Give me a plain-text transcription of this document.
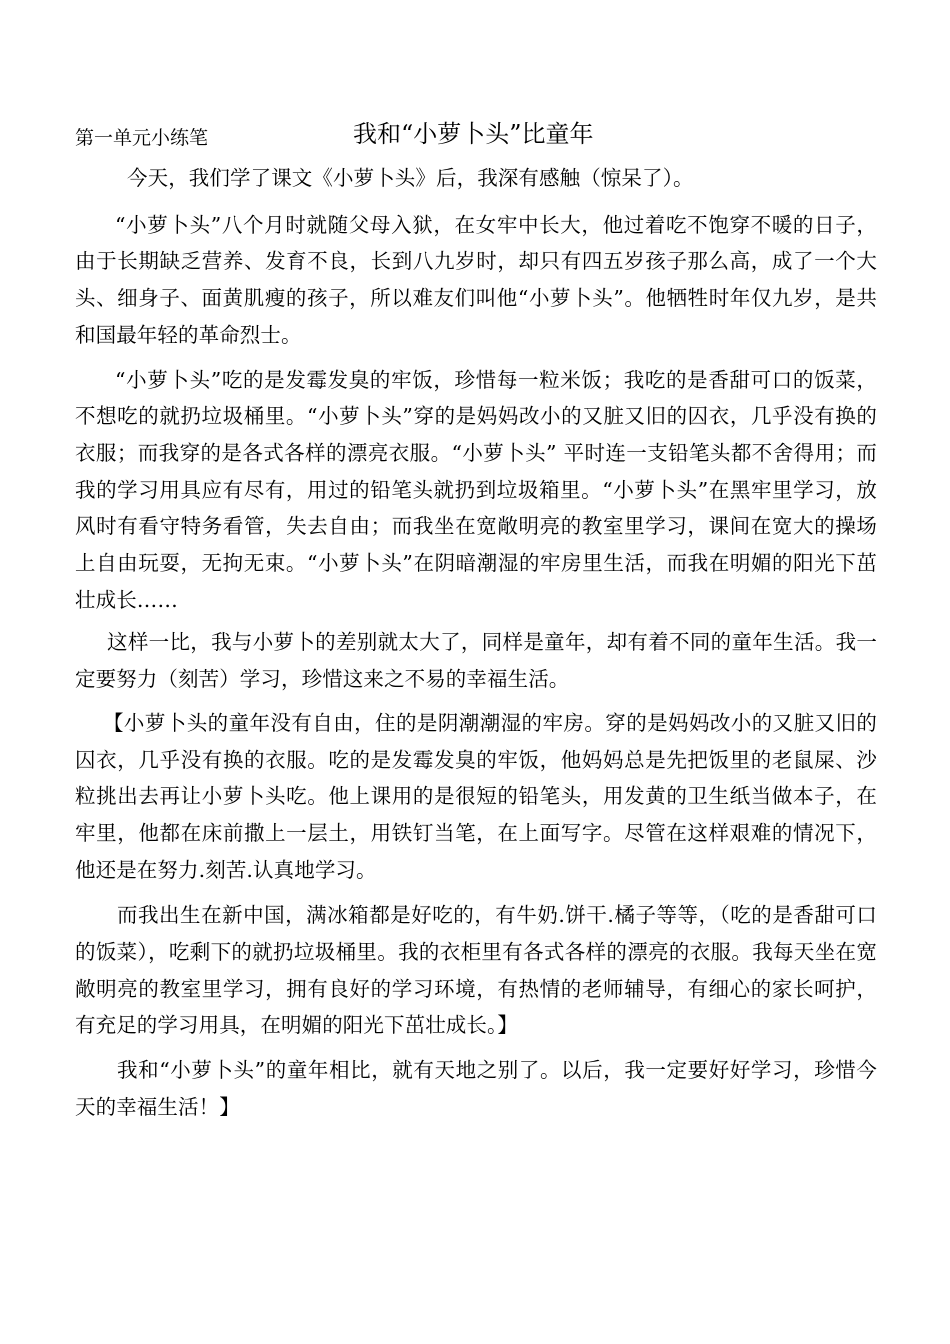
第一单元小练笔	我和“小萝卜头”比童年

今天，我们学了课文《小萝卜头》后，我深有感触（惊呆了）。

“小萝卜头”八个月时就随父母入狱，在女牢中长大，他过着吃不饱穿不暖的日子，由于长期缺乏营养、发育不良，长到八九岁时，却只有四五岁孩子那么高，成了一个大头、细身子、面黄肌瘦的孩子，所以难友们叫他“小萝卜头”。他牺牲时年仅九岁，是共和国最年轻的革命烈士。

“小萝卜头”吃的是发霉发臭的牢饭，珍惜每一粒米饭；我吃的是香甜可口的饭菜，不想吃的就扔垃圾桶里。“小萝卜头”穿的是妈妈改小的又脏又旧的囚衣，几乎没有换的衣服；而我穿的是各式各样的漂亮衣服。“小萝卜头” 平时连一支铅笔头都不舍得用；而我的学习用具应有尽有，用过的铅笔头就扔到垃圾箱里。“小萝卜头”在黑牢里学习，放风时有看守特务看管，失去自由；而我坐在宽敞明亮的教室里学习，课间在宽大的操场上自由玩耍，无拘无束。“小萝卜头”在阴暗潮湿的牢房里生活，而我在明媚的阳光下茁壮成长……

这样一比，我与小萝卜的差别就太大了，同样是童年，却有着不同的童年生活。我一定要努力（刻苦）学习，珍惜这来之不易的幸福生活。

【小萝卜头的童年没有自由，住的是阴潮潮湿的牢房。穿的是妈妈改小的又脏又旧的囚衣，几乎没有换的衣服。吃的是发霉发臭的牢饭，他妈妈总是先把饭里的老鼠屎、沙粒挑出去再让小萝卜头吃。他上课用的是很短的铅笔头，用发黄的卫生纸当做本子，在牢里，他都在床前撒上一层土，用铁钉当笔，在上面写字。尽管在这样艰难的情况下，他还是在努力.刻苦.认真地学习。

而我出生在新中国，满冰箱都是好吃的，有牛奶.饼干.橘子等等，（吃的是香甜可口的饭菜），吃剩下的就扔垃圾桶里。我的衣柜里有各式各样的漂亮的衣服。我每天坐在宽敞明亮的教室里学习，拥有良好的学习环境，有热情的老师辅导，有细心的家长呵护，有充足的学习用具，在明媚的阳光下茁壮成长。】

我和“小萝卜头”的童年相比，就有天地之别了。以后，我一定要好好学习，珍惜今天的幸福生活！】
